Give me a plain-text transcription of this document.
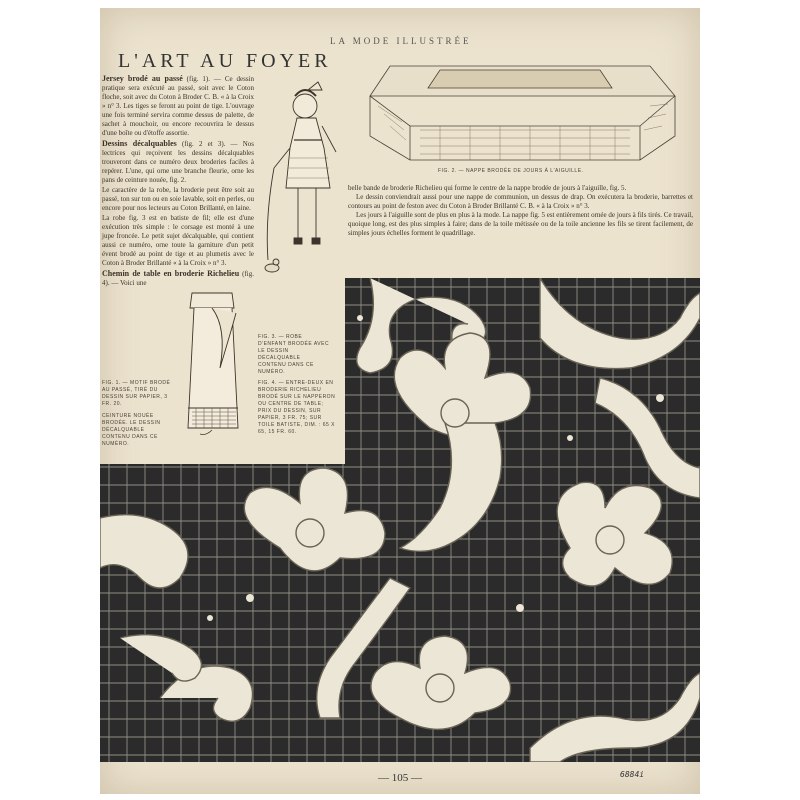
LA MODE ILLUSTRÉE
L'ART AU FOYER

Jersey brodé au passé (fig. 1). — Ce dessin pratique sera exécuté au passé, soit avec le Coton floche, soit avec du Coton à Broder C. B. « à la Croix » n° 3. Les tiges se feront au point de tige. L'ouvrage une fois terminé servira comme dessus de palette, de sachet à mouchoir, ou encore recouvrira le dessus d'une boîte ou d'étoffe assortie.

Dessins décalquables (fig. 2 et 3). — Nos lectrices qui reçoivent les dessins décalquables trouveront dans ce numéro deux broderies faciles à repérer. L'une, qui orne une branche fleurie, orne les pans de ceinture nouée, fig. 2.

Le caractère de la robe, la broderie peut être soit au passé, ton sur ton ou en soie lavable, soit en perles, ou encore pour nos lecteurs au Coton Brillanté, en laine.

La robe fig. 3 est en batiste de fil; elle est d'une exécution très simple : le corsage est monté à une jupe froncée. Le petit sujet décalquable, qui contient aussi ce numéro, orne toute la garniture d'un petit évent brodé au point de tige et au plumetis avec le Coton à Broder Brillanté « à la Croix » n° 3.

Chemin de table en broderie Richelieu (fig. 4). — Voici une

FIG. 2. — NAPPE BRODÉE DE JOURS À L'AIGUILLE.
FIG. 3. — ROBE D'ENFANT BRODÉE AVEC LE DESSIN DÉCALQUABLE CONTENU DANS CE NUMÉRO.
FIG. 1. — MOTIF BRODÉ AU PASSÉ, TIRÉ DU DESSIN SUR PAPIER, 3 FR. 20.
CEINTURE NOUÉE BRODÉE. LE DESSIN DÉCALQUABLE CONTENU DANS CE NUMÉRO.
FIG. 4. — ENTRE-DEUX EN BRODERIE RICHELIEU BRODÉ SUR LE NAPPERON OU CENTRE DE TABLE; PRIX DU DESSIN, SUR PAPIER, 3 FR. 75; SUR TOILE BATISTE, DIM. : 65 X 65, 15 FR. 60.

belle bande de broderie Richelieu qui forme le centre de la nappe brodée de jours à l'aiguille, fig. 5.

Le dessin conviendrait aussi pour une nappe de communion, un dessus de drap. On exécutera la broderie, barrettes et contours au point de feston avec du Coton à Broder Brillanté C. B. « à la Croix » n° 3.

Les jours à l'aiguille sont de plus en plus à la mode. La nappe fig. 5 est entièrement ornée de jours à fils tirés. Ce travail, quoique long, est des plus simples à faire; dans de la toile métissée ou de la toile ancienne les fils se tirent facilement, de simples jours échelles forment le quadrillage.

— 105 —	6884i
